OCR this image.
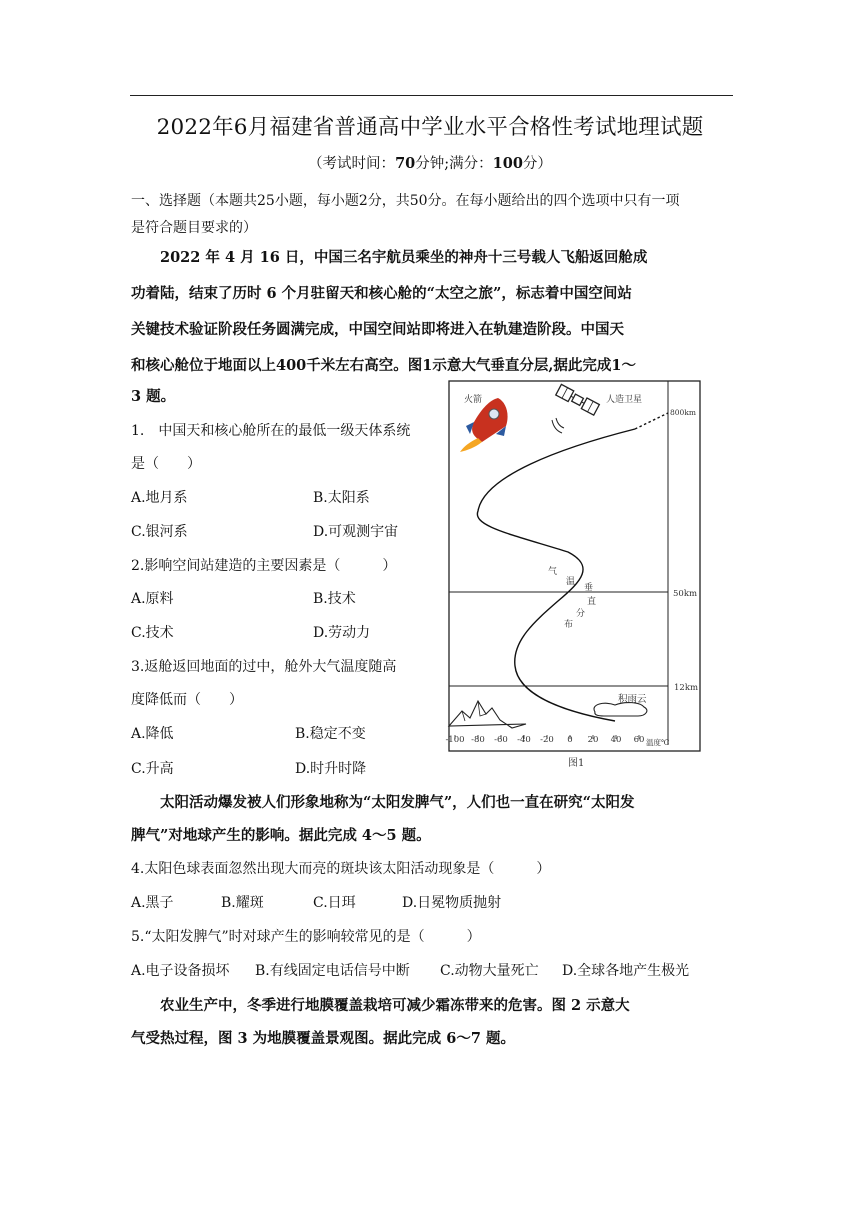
2022年6月福建省普通高中学业水平合格性考试地理试题
（考试时间：70分钟;满分：100分）
一、选择题（本题共25小题，每小题2分，共50分。在每小题给出的四个选项中只有一项
是符合题目要求的）
2022 年 4 月 16 日，中国三名宇航员乘坐的神舟十三号载人飞船返回舱成
功着陆，结束了历时 6 个月驻留天和核心舱的“太空之旅”，标志着中国空间站
关键技术验证阶段任务圆满完成，中国空间站即将进入在轨建造阶段。中国天
和核心舱位于地面以上400千米左右高空。图1示意大气垂直分层,据此完成1～
3 题。
1.　中国天和核心舱所在的最低一级天体系统
是（　　）
A.地月系	B.太阳系
C.银河系	D.可观测宇宙
2.影响空间站建造的主要因素是（　　　）
A.原料	B.技术
C.技术	D.劳动力
3.返舱返回地面的过中，舱外大气温度随高
度降低而（　　）
A.降低	B.稳定不变
C.升高	D.时升时降
800km
50km
12km
气
温
垂
直
分
布
火箭	人造卫星
积雨云
-100 -80 -60 -40 -20 0 20 40 60 温度℃
图1
太阳活动爆发被人们形象地称为“太阳发脾气”，人们也一直在研究“太阳发
脾气”对地球产生的影响。据此完成 4～5 题。
4.太阳色球表面忽然出现大而亮的斑块该太阳活动现象是（　　　）
A.黑子	B.耀斑	C.日珥	D.日冕物质抛射
5.“太阳发脾气”时对球产生的影响较常见的是（　　　）
A.电子设备损坏 B.有线固定电话信号中断 C.动物大量死亡 D.全球各地产生极光
农业生产中，冬季进行地膜覆盖栽培可减少霜冻带来的危害。图 2 示意大
气受热过程，图 3 为地膜覆盖景观图。据此完成 6～7 题。
